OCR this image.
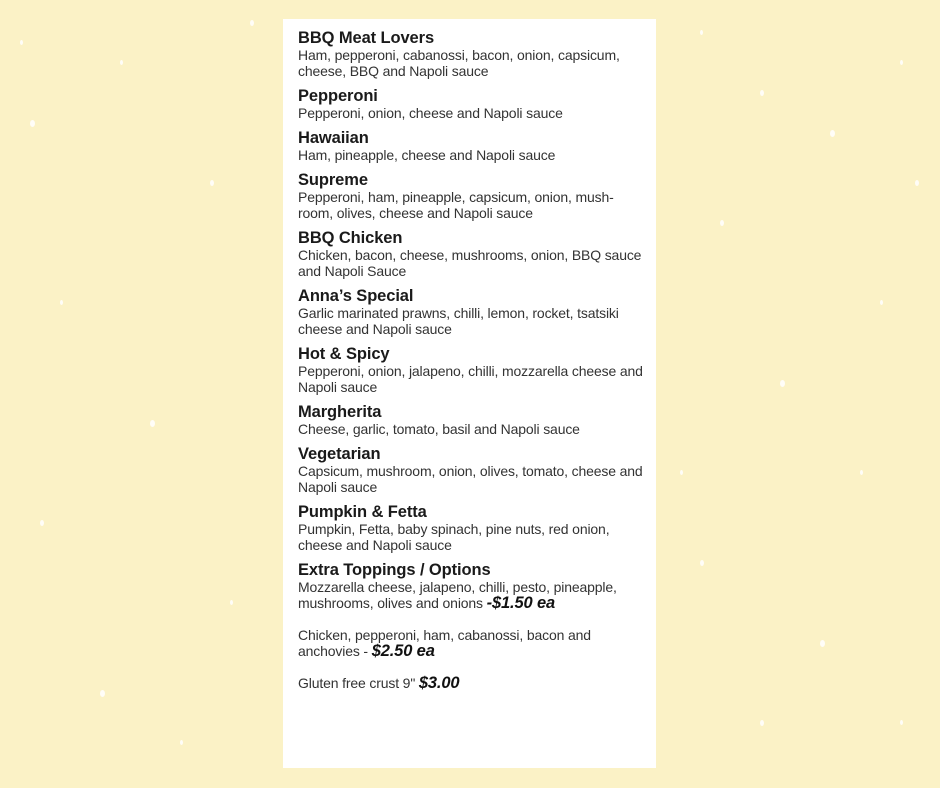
BBQ Meat Lovers
Ham, pepperoni, cabanossi, bacon, onion, capsicum, cheese, BBQ and Napoli sauce
Pepperoni
Pepperoni, onion, cheese and Napoli sauce
Hawaiian
Ham, pineapple, cheese and Napoli sauce
Supreme
Pepperoni, ham, pineapple, capsicum, onion, mush-room, olives, cheese and Napoli sauce
BBQ Chicken
Chicken, bacon, cheese, mushrooms, onion, BBQ sauce and Napoli Sauce
Anna’s Special
Garlic marinated prawns, chilli, lemon, rocket, tsatsiki cheese and Napoli sauce
Hot & Spicy
Pepperoni, onion, jalapeno, chilli, mozzarella cheese and Napoli sauce
Margherita
Cheese, garlic, tomato, basil and Napoli sauce
Vegetarian
Capsicum, mushroom, onion, olives, tomato, cheese and Napoli sauce
Pumpkin & Fetta
Pumpkin, Fetta, baby spinach, pine nuts, red onion, cheese and Napoli sauce
Extra Toppings / Options
Mozzarella cheese, jalapeno, chilli, pesto, pineapple, mushrooms, olives and onions -$1.50 ea
Chicken, pepperoni, ham, cabanossi, bacon and anchovies - $2.50 ea
Gluten free crust 9" $3.00
